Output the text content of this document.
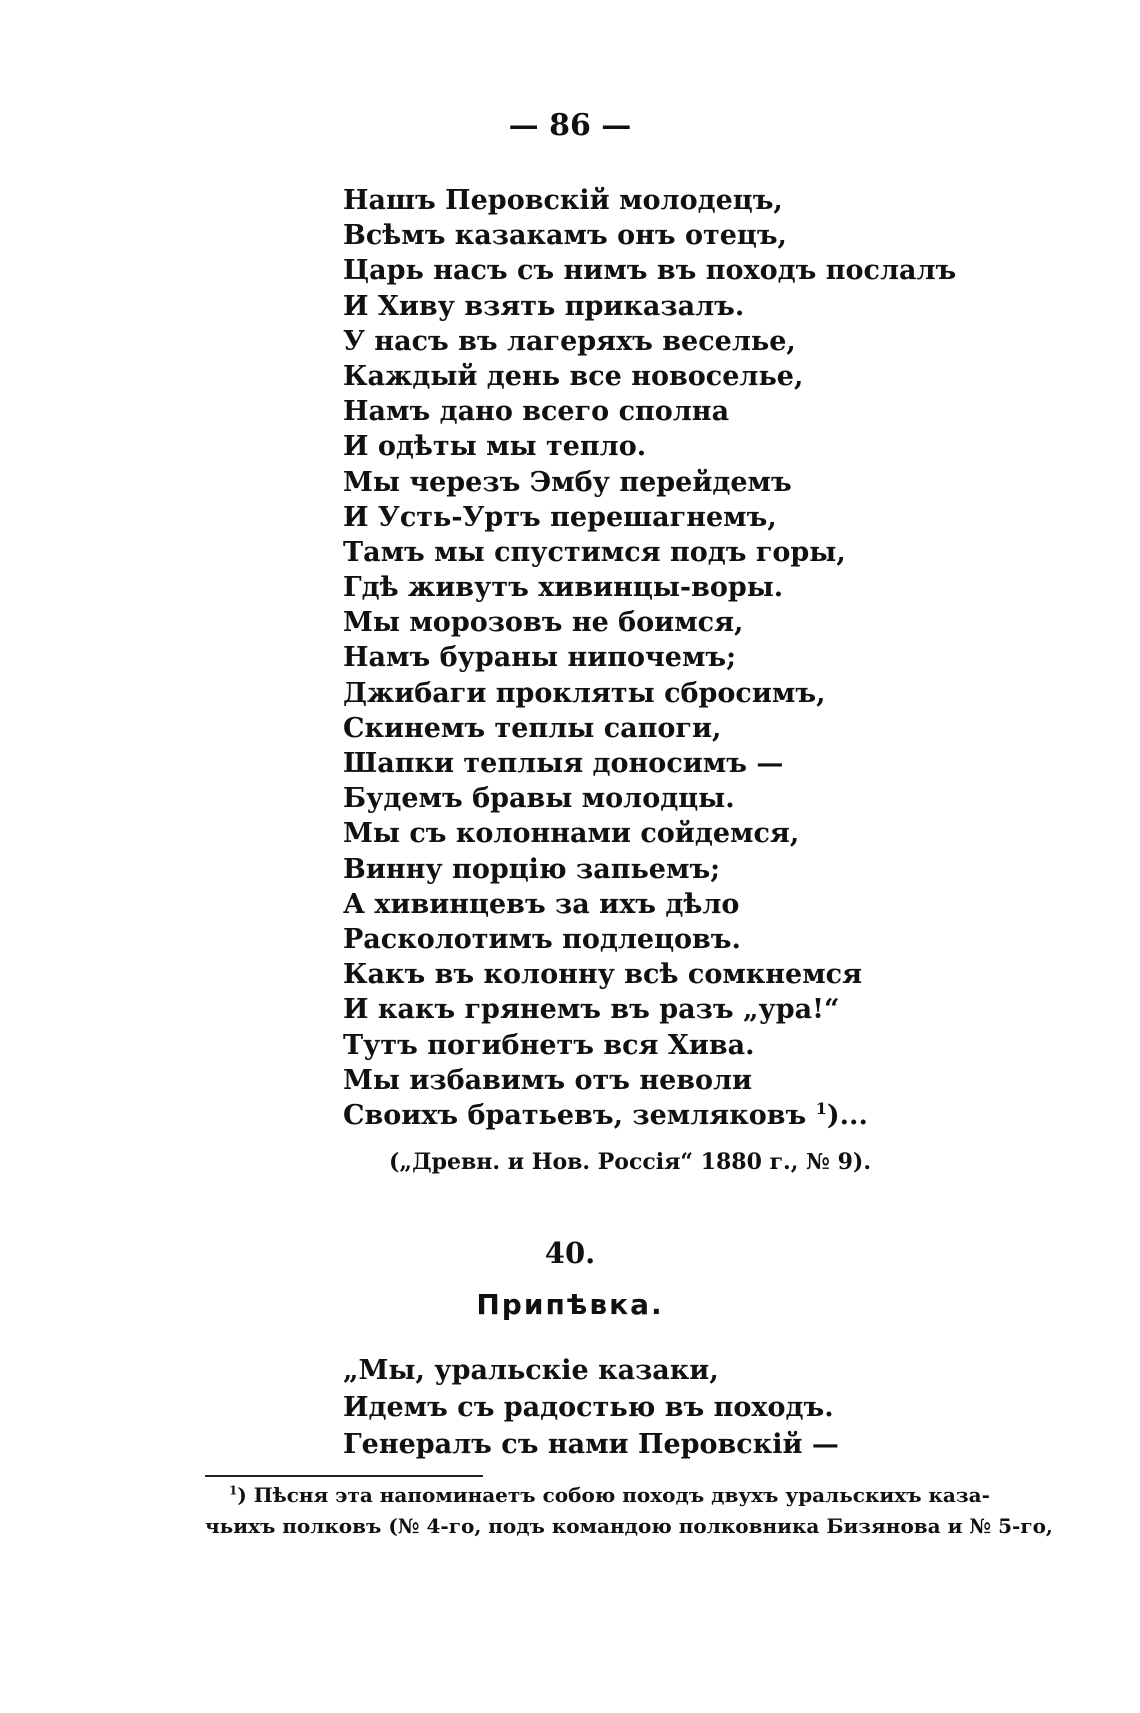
— 86 —
Нашъ Перовскій молодецъ,
Всѣмъ казакамъ онъ отецъ,
Царь насъ съ нимъ въ походъ послалъ
И Хиву взять приказалъ.
У насъ въ лагеряхъ веселье,
Каждый день все новоселье,
Намъ дано всего сполна
И одѣты мы тепло.
Мы черезъ Эмбу перейдемъ
И Усть-Уртъ перешагнемъ,
Тамъ мы спустимся подъ горы,
Гдѣ живутъ хивинцы-воры.
Мы морозовъ не боимся,
Намъ бураны нипочемъ;
Джибаги прокляты сбросимъ,
Скинемъ теплы сапоги,
Шапки теплыя доносимъ —
Будемъ бравы молодцы.
Мы съ колоннами сойдемся,
Винну порцію запьемъ;
А хивинцевъ за ихъ дѣло
Расколотимъ подлецовъ.
Какъ въ колонну всѣ сомкнемся
И какъ грянемъ въ разъ „ура!“
Тутъ погибнетъ вся Хива.
Мы избавимъ отъ неволи
Своихъ братьевъ, земляковъ $^1$)...
(„Древн. и Нов. Россія“ 1880 г., № 9).
40.
Припѣвка.
„Мы, уральскіе казаки,
Идемъ съ радостью въ походъ.
Генералъ съ нами Перовскій —

$^1$) Пѣсня эта напоминаетъ собою походъ двухъ уральскихъ каза-

чьихъ полковъ (№ 4-го, подъ командою полковника Бизянова и № 5-го,
